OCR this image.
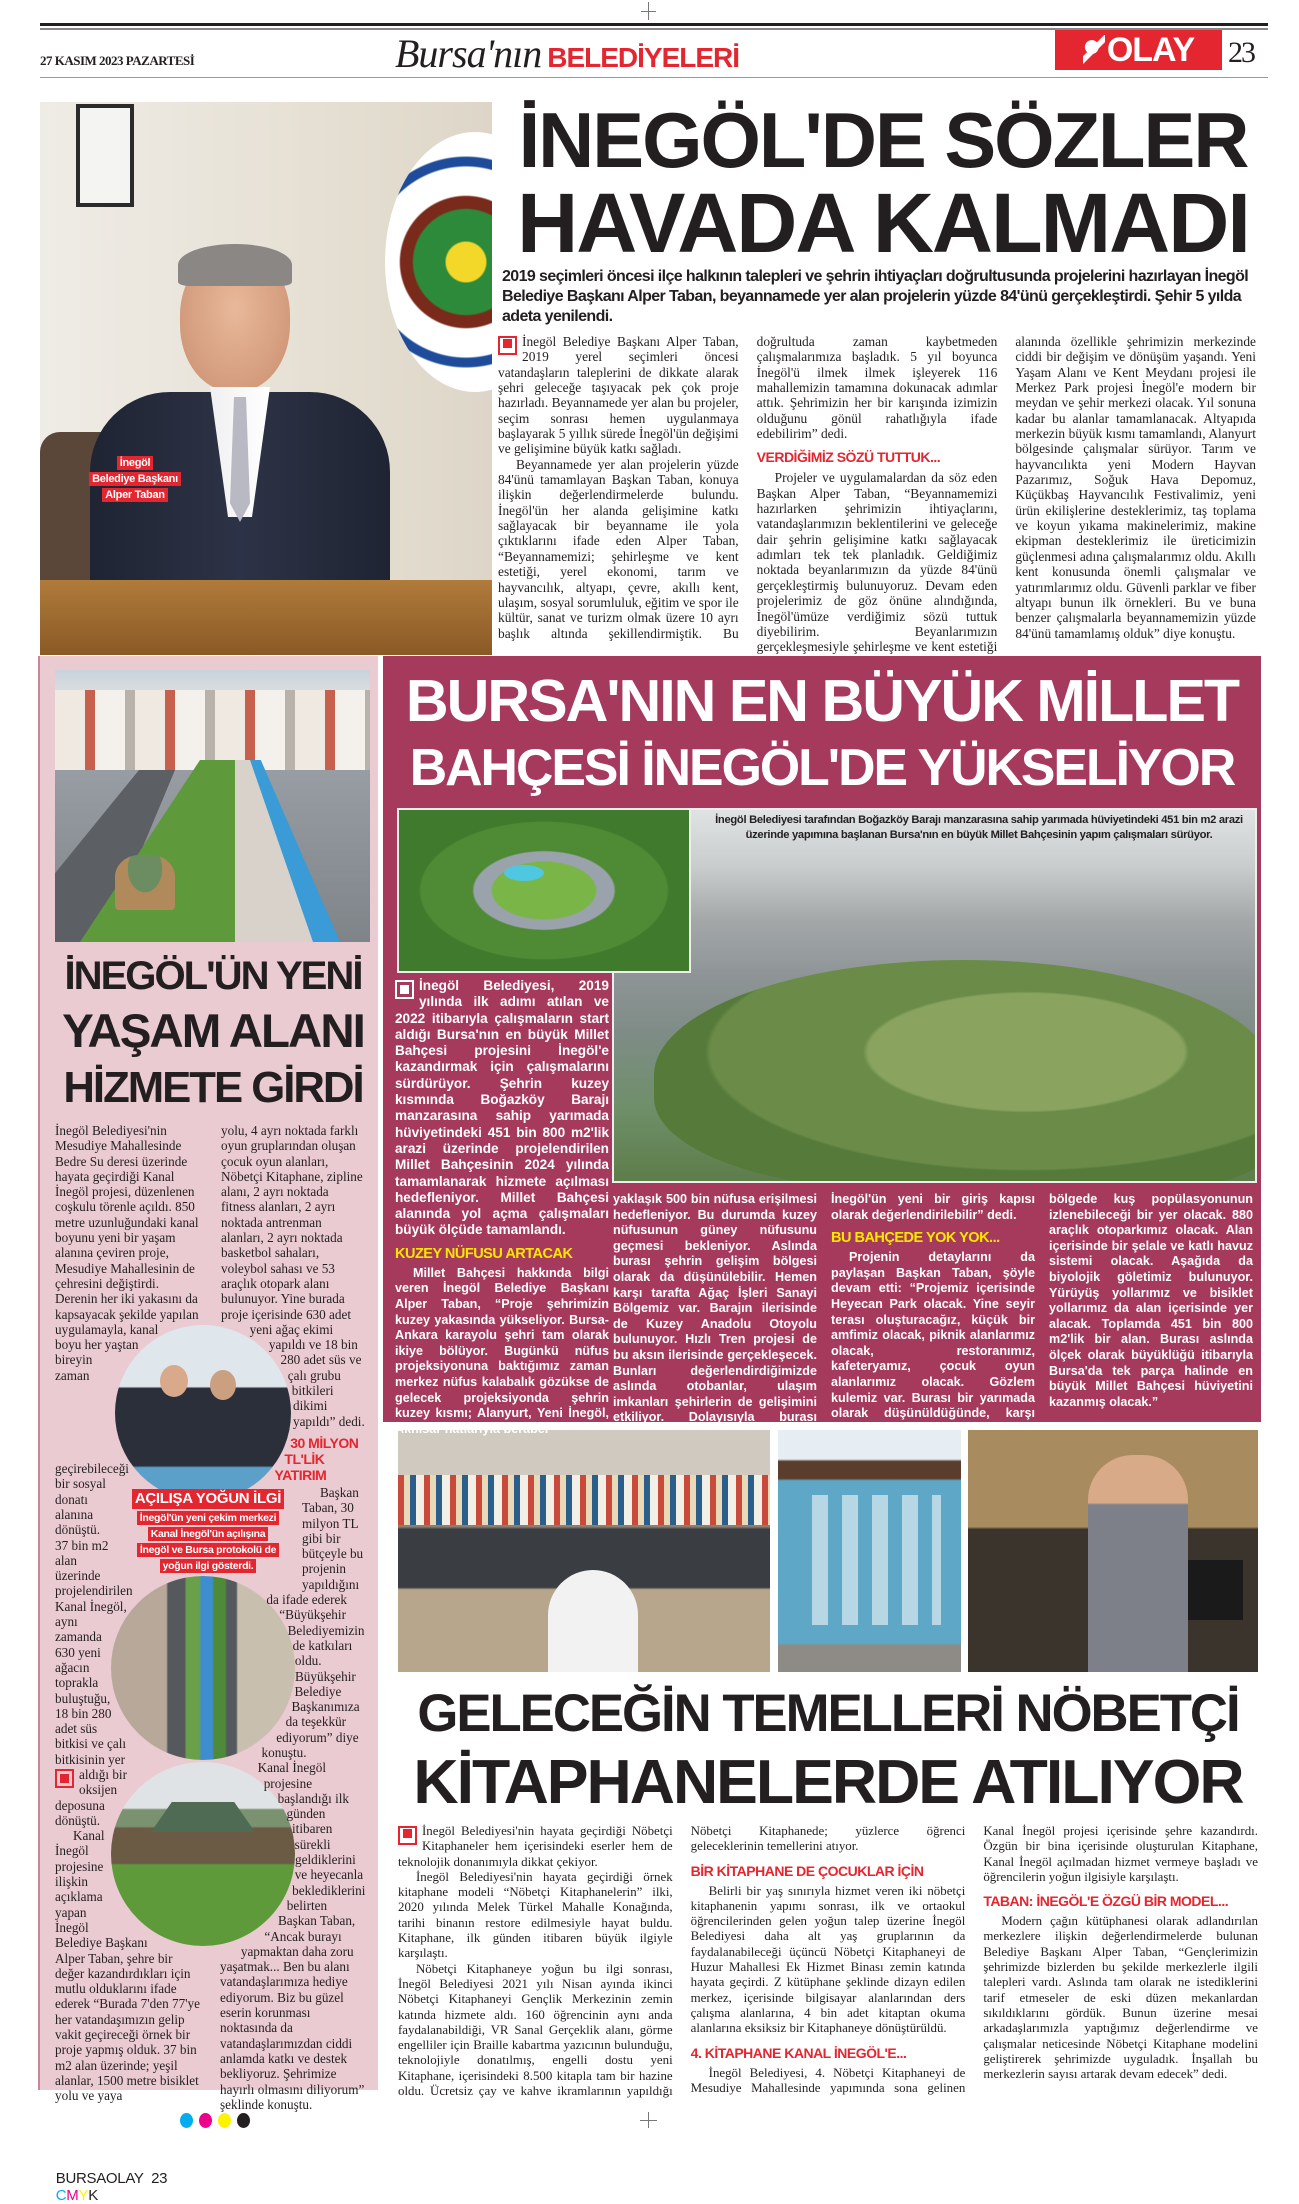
27 KASIM 2023 PAZARTESİ	Bursa'nın BELEDİYELERİ	OLAY 23
İnegöl
Belediye Başkanı
Alper Taban
İNEGÖL'DE SÖZLER
HAVADA KALMADI
2019 seçimleri öncesi ilçe halkının talepleri ve şehrin ihtiyaçları doğrultusunda projelerini hazırlayan İnegöl Belediye Başkanı Alper Taban, beyannamede yer alan projelerin yüzde 84'ünü gerçekleştirdi. Şehir 5 yılda adeta yenilendi.

İnegöl Belediye Başkanı Alper Taban, 2019 yerel seçimleri öncesi vatandaşların taleplerini de dikkate alarak şehri geleceğe taşıyacak pek çok proje hazırladı. Beyannamede yer alan bu projeler, seçim sonrası hemen uygulanmaya başlayarak 5 yıllık sürede İnegöl'ün değişimi ve gelişimine büyük katkı sağladı.

Beyannamede yer alan projelerin yüzde 84'ünü tamamlayan Başkan Taban, konuya ilişkin değerlendirmelerde bulundu. İnegöl'ün her alanda gelişimine katkı sağlayacak bir beyanname ile yola çıktıklarını ifade eden Alper Taban, “Beyannamemizi; şehirleşme ve kent estetiği, yerel ekonomi, tarım ve hayvancılık, altyapı, çevre, akıllı kent, ulaşım, sosyal sorumluluk, eğitim ve spor ile kültür, sanat ve turizm olmak üzere 10 ayrı başlık altında şekillendirmiştik. Bu doğrultuda zaman kaybetmeden çalışmalarımıza başladık. 5 yıl boyunca İnegöl'ü ilmek ilmek işleyerek 116 mahallemizin tamamına dokunacak adımlar attık. Şehrimizin her bir karışında izimizin olduğunu gönül rahatlığıyla ifade edebilirim” dedi.

VERDİĞİMİZ SÖZÜ TUTTUK...

Projeler ve uygulamalardan da söz eden Başkan Alper Taban, “Beyannamemizi hazırlarken şehrimizin ihtiyaçlarını, vatandaşlarımızın beklentilerini ve geleceğe dair şehrin gelişimine katkı sağlayacak adımları tek tek planladık. Geldiğimiz noktada beyanlarımızın da yüzde 84'ünü gerçekleştirmiş bulunuyoruz. Devam eden projelerimiz de göz önüne alındığında, İnegöl'ümüze verdiğimiz sözü tuttuk diyebilirim. Beyanlarımızın gerçekleşmesiyle şehirleşme ve kent estetiği alanında özellikle şehrimizin merkezinde ciddi bir değişim ve dönüşüm yaşandı. Yeni Yaşam Alanı ve Kent Meydanı projesi ile Merkez Park projesi İnegöl'e modern bir meydan ve şehir merkezi olacak. Yıl sonuna kadar bu alanlar tamamlanacak. Altyapıda merkezin büyük kısmı tamamlandı, Alanyurt bölgesinde çalışmalar sürüyor. Tarım ve hayvancılıkta yeni Modern Hayvan Pazarımız, Soğuk Hava Depomuz, Küçükbaş Hayvancılık Festivalimiz, yeni ürün ekilişlerine desteklerimiz, taş toplama ve koyun yıkama makinelerimiz, makine ekipman desteklerimiz ile üreticimizin güçlenmesi adına çalışmalarımız oldu. Akıllı kent konusunda önemli çalışmalar ve yatırımlarımız oldu. Güvenli parklar ve fiber altyapı bunun ilk örnekleri. Bu ve buna benzer çalışmalarla beyannamemizin yüzde 84'ünü tamamlamış olduk” diye konuştu.

İNEGÖL'ÜN YENİ
YAŞAM ALANI
HİZMETE GİRDİ
AÇILIŞA YOĞUN İLGİ
İnegöl'ün yeni çekim merkezi
Kanal İnegöl'ün açılışına
İnegöl ve Bursa protokolü de
yoğun ilgi gösterdi.

İnegöl Belediyesi'nin Mesudiye Mahallesinde Bedre Su deresi üzerinde hayata geçirdiği Kanal İnegöl projesi, düzenlenen coşkulu törenle açıldı. 850 metre uzunluğundaki kanal boyunu yeni bir yaşam alanına çeviren proje, Mesudiye Mahallesinin de çehresini değiştirdi. Derenin her iki yakasını da kapsayacak şekilde yapılan uygulamayla, kanal boyu her yaştan bireyin zaman geçirebileceği bir sosyal donatı alanına dönüştü. 37 bin m2 alan üzerinde projelendirilen Kanal İnegöl, aynı zamanda 630 yeni ağacın toprakla buluştuğu, 18 bin 280 adet süs bitkisi ve çalı bitkisinin yer aldığı bir oksijen deposuna dönüştü.

Kanal İnegöl projesine ilişkin açıklama yapan İnegöl Belediye Başkanı Alper Taban, şehre bir değer kazandırdıkları için mutlu olduklarını ifade ederek “Burada 7'den 77'ye her vatandaşımızın gelip vakit geçireceği örnek bir proje yapmış olduk. 37 bin m2 alan üzerinde; yeşil alanlar, 1500 metre bisiklet yolu ve yaya

yolu, 4 ayrı noktada farklı oyun gruplarından oluşan çocuk oyun alanları, Nöbetçi Kitaphane, zipline alanı, 2 ayrı noktada fitness alanları, 2 ayrı noktada antrenman alanları, 2 ayrı noktada basketbol sahaları, voleybol sahası ve 53 araçlık otopark alanı bulunuyor. Yine burada proje içerisinde 630 adet yeni ağaç ekimi yapıldı ve 18 bin 280 adet süs ve çalı grubu bitkileri dikimi yapıldı” dedi.

30 MİLYON TL'LİK YATIRIM

Başkan Taban, 30 milyon TL gibi bir bütçeyle bu projenin yapıldığını da ifade ederek “Büyükşehir Belediyemizin de katkıları oldu. Büyükşehir Belediye Başkanımıza da teşekkür ediyorum” diye konuştu.

Kanal İnegöl projesine başlandığı ilk günden itibaren sürekli geldiklerini ve heyecanla beklediklerini belirten Başkan Taban, “Ancak burayı yapmaktan daha zoru yaşatmak... Ben bu alanı vatandaşlarımıza hediye ediyorum. Biz bu güzel eserin korunması noktasında da vatandaşlarımızdan ciddi anlamda katkı ve destek bekliyoruz. Şehrimize hayırlı olmasını diliyorum” şeklinde konuştu.

BURSA'NIN EN BÜYÜK MİLLET
BAHÇESİ İNEGÖL'DE YÜKSELİYOR
İnegöl Belediyesi tarafından Boğazköy Barajı manzarasına sahip yarımada hüviyetindeki 451 bin m2 arazi üzerinde yapımına başlanan Bursa'nın en büyük Millet Bahçesinin yapım çalışmaları sürüyor.

İnegöl Belediyesi, 2019 yılında ilk adımı atılan ve 2022 itibarıyla çalışmaların start aldığı Bursa'nın en büyük Millet Bahçesi projesini İnegöl'e kazandırmak için çalışmalarını sürdürüyor. Şehrin kuzey kısmında Boğazköy Barajı manzarasına sahip yarımada hüviyetindeki 451 bin 800 m2'lik arazi üzerinde projelendirilen Millet Bahçesinin 2024 yılında tamamlanarak hizmete açılması hedefleniyor. Millet Bahçesi alanında yol açma çalışmaları büyük ölçüde tamamlandı.

KUZEY NÜFUSU ARTACAK

Millet Bahçesi hakkında bilgi veren İnegöl Belediye Başkanı Alper Taban, “Proje şehrimizin kuzey yakasında yükseliyor. Bursa-Ankara karayolu şehri tam olarak ikiye bölüyor. Bugünkü nüfus projeksiyonuna baktığımız zaman merkez nüfus kalabalık gözükse de gelecek projeksiyonda şehrin kuzey kısmı; Alanyurt, Yeni İnegöl, Akhisar hatlarıyla beraber

yaklaşık 500 bin nüfusa erişilmesi hedefleniyor. Bu durumda kuzey nüfusunun güney nüfusunu geçmesi bekleniyor. Aslında burası şehrin gelişim bölgesi olarak da düşünülebilir. Hemen karşı tarafta Ağaç İşleri Sanayi Bölgemiz var. Barajın ilerisinde de Kuzey Anadolu Otoyolu bulunuyor. Hızlı Tren projesi de bu aksın ilerisinde gerçekleşecek. Bunları değerlendirdiğimizde aslında otobanlar, ulaşım imkanları şehirlerin de gelişimini etkiliyor. Dolayısıyla burası İnegöl'ün yeni bir giriş kapısı olarak değerlendirilebilir” dedi.

BU BAHÇEDE YOK YOK...

Projenin detaylarını da paylaşan Başkan Taban, şöyle devam etti: “Projemiz içerisinde Heyecan Park olacak. Yine seyir terası oluşturacağız, küçük bir amfimiz olacak, piknik alanlarımız olacak, restoranımız, kafeteryamız, çocuk oyun alanlarımız olacak. Gözlem kulemiz var. Burası bir yarımada olarak düşünüldüğünde, karşı bölgede kuş popülasyonunun izlenebileceği bir yer olacak. 880 araçlık otoparkımız olacak. Alan içerisinde bir şelale ve katlı havuz sistemi olacak. Aşağıda da biyolojik göletimiz bulunuyor. Yürüyüş yollarımız ve bisiklet yollarımız da alan içerisinde yer alacak. Toplamda 451 bin 800 m2'lik bir alan. Burası aslında ölçek olarak büyüklüğü itibarıyla Bursa'da tek parça halinde en büyük Millet Bahçesi hüviyetini kazanmış olacak.”

GELECEĞİN TEMELLERİ NÖBETÇİ
KİTAPHANELERDE ATILIYOR

İnegöl Belediyesi'nin hayata geçirdiği Nöbetçi Kitaphaneler hem içerisindeki eserler hem de teknolojik donanımıyla dikkat çekiyor.

İnegöl Belediyesi'nin hayata geçirdiği örnek kitaphane modeli “Nöbetçi Kitaphanelerin” ilki, 2020 yılında Melek Türkel Mahalle Konağında, tarihi binanın restore edilmesiyle hayat buldu. Kitaphane, ilk günden itibaren büyük ilgiyle karşılaştı.

Nöbetçi Kitaphaneye yoğun bu ilgi sonrası, İnegöl Belediyesi 2021 yılı Nisan ayında ikinci Nöbetçi Kitaphaneyi Gençlik Merkezinin zemin katında hizmete aldı. 160 öğrencinin aynı anda faydalanabildiği, VR Sanal Gerçeklik alanı, görme engelliler için Braille kabartma yazıcının bulunduğu, teknolojiyle donatılmış, engelli dostu yeni Kitaphane, içerisindeki 8.500 kitapla tam bir hazine oldu. Ücretsiz çay ve kahve ikramlarının yapıldığı Nöbetçi Kitaphanede; yüzlerce öğrenci geleceklerinin temellerini atıyor.

BİR KİTAPHANE DE ÇOCUKLAR İÇİN

Belirli bir yaş sınırıyla hizmet veren iki nöbetçi kitaphanenin yapımı sonrası, ilk ve ortaokul öğrencilerinden gelen yoğun talep üzerine İnegöl Belediyesi daha alt yaş gruplarının da faydalanabileceği üçüncü Nöbetçi Kitaphaneyi de Huzur Mahallesi Ek Hizmet Binası zemin katında hayata geçirdi. Z kütüphane şeklinde dizayn edilen merkez, içerisinde bilgisayar alanlarından ders çalışma alanlarına, 4 bin adet kitaptan okuma alanlarına eksiksiz bir Kitaphaneye dönüştürüldü.

4. KİTAPHANE KANAL İNEGÖL'E...

İnegöl Belediyesi, 4. Nöbetçi Kitaphaneyi de Mesudiye Mahallesinde yapımında sona gelinen Kanal İnegöl projesi içerisinde şehre kazandırdı. Özgün bir bina içerisinde oluşturulan Kitaphane, Kanal İnegöl açılmadan hizmet vermeye başladı ve öğrencilerin yoğun ilgisiyle karşılaştı.

TABAN: İNEGÖL'E ÖZGÜ BİR MODEL...

Modern çağın kütüphanesi olarak adlandırılan merkezlere ilişkin değerlendirmelerde bulunan Belediye Başkanı Alper Taban, “Gençlerimizin şehrimizde bizlerden bu şekilde merkezlerle ilgili talepleri vardı. Aslında tam olarak ne istediklerini tarif etmeseler de eski düzen mekanlardan sıkıldıklarını gördük. Bunun üzerine mesai arkadaşlarımızla yaptığımız değerlendirme ve çalışmalar neticesinde Nöbetçi Kitaphane modelini geliştirerek şehrimizde uyguladık. İnşallah bu merkezlerin sayısı artarak devam edecek” dedi.

BURSAOLAY  23
CMYK
